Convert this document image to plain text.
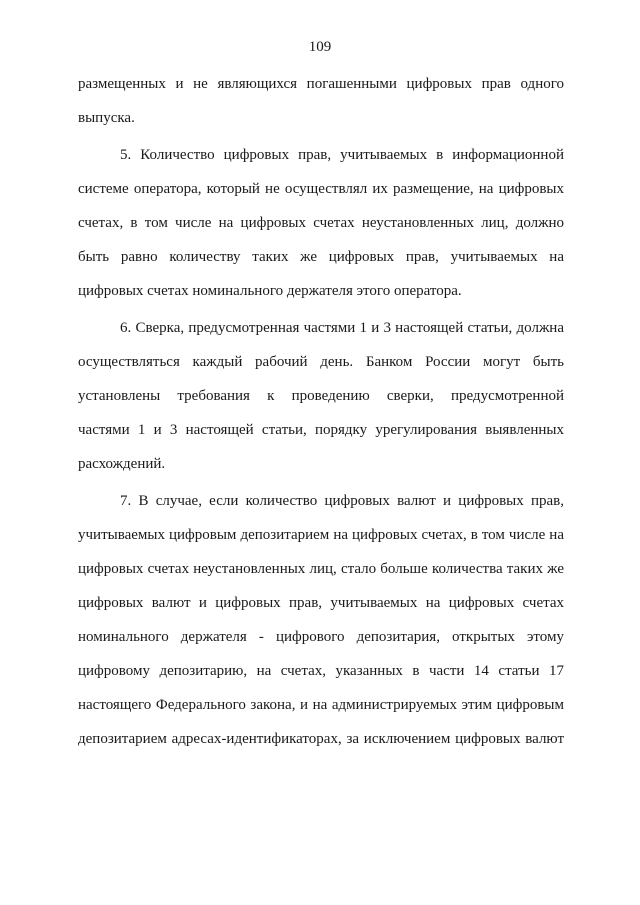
109
размещенных и не являющихся погашенными цифровых прав одного
выпуска.
5. Количество цифровых прав, учитываемых в информационной
системе оператора, который не осуществлял их размещение, на цифровых
счетах, в том числе на цифровых счетах неустановленных лиц, должно
быть равно количеству таких же цифровых прав, учитываемых на
цифровых счетах номинального держателя этого оператора.
6. Сверка, предусмотренная частями 1 и 3 настоящей статьи, должна
осуществляться каждый рабочий день. Банком России могут быть
установлены требования к проведению сверки, предусмотренной
частями 1 и 3 настоящей статьи, порядку урегулирования выявленных
расхождений.
7. В случае, если количество цифровых валют и цифровых прав,
учитываемых цифровым депозитарием на цифровых счетах, в том числе на
цифровых счетах неустановленных лиц, стало больше количества таких же
цифровых валют и цифровых прав, учитываемых на цифровых счетах
номинального держателя - цифрового депозитария, открытых этому
цифровому депозитарию, на счетах, указанных в части 14 статьи 17
настоящего Федерального закона, и на администрируемых этим цифровым
депозитарием адресах-идентификаторах, за исключением цифровых валют
